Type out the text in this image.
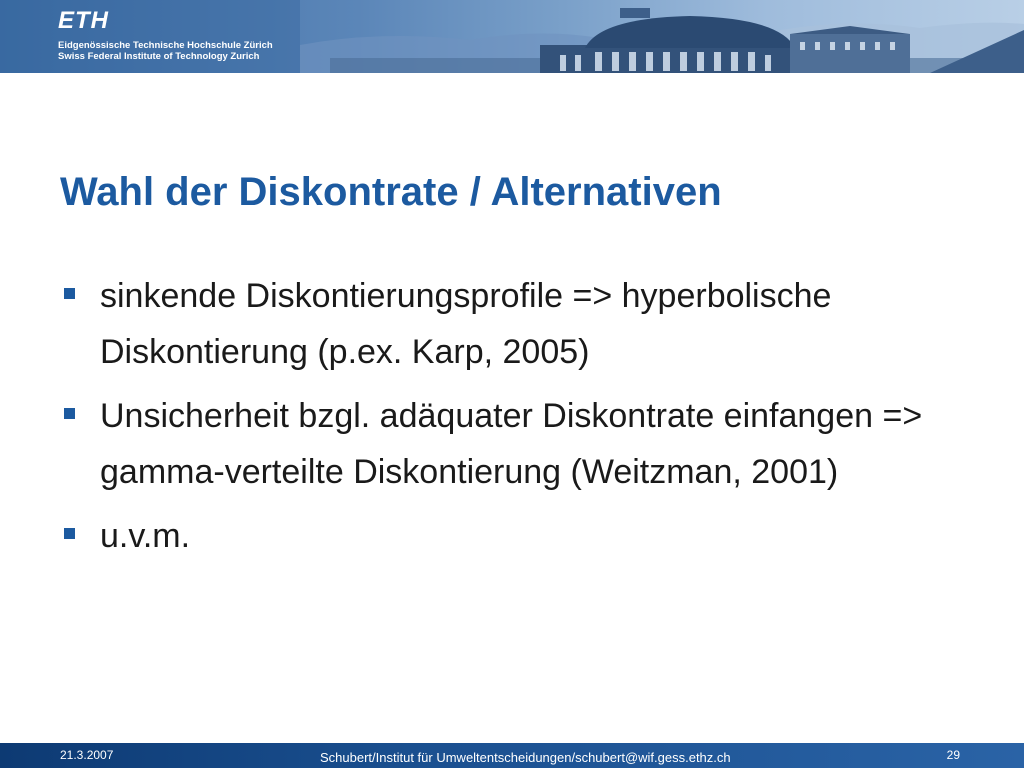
ETH
Eidgenössische Technische Hochschule Zürich
Swiss Federal Institute of Technology Zurich
Wahl der Diskontrate / Alternativen
sinkende Diskontierungsprofile => hyperbolische Diskontierung (p.ex. Karp, 2005)
Unsicherheit bzgl. adäquater Diskontrate einfangen => gamma-verteilte Diskontierung (Weitzman, 2001)
u.v.m.
21.3.2007	Schubert/Institut für Umweltentscheidungen/schubert@wif.gess.ethz.ch	29
